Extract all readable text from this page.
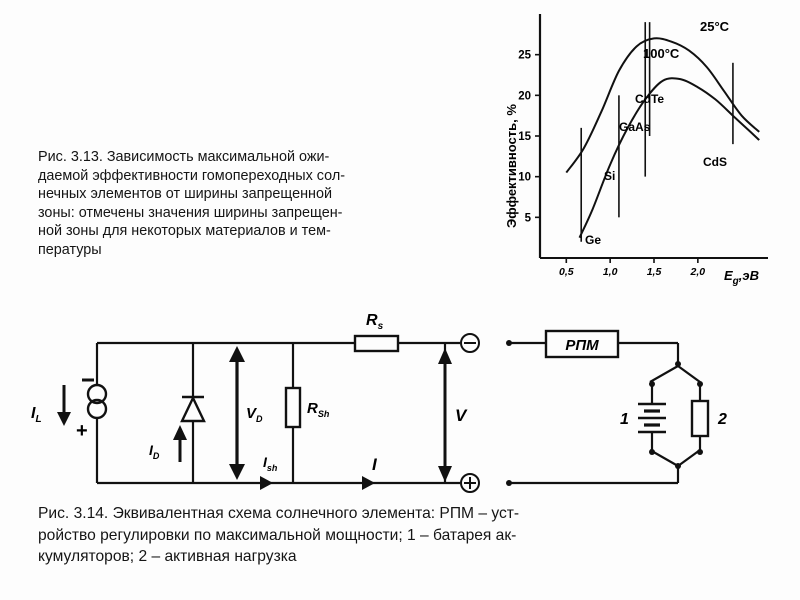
5
10
15
20
25
0,5	1,0	1,5	2,0
25°C
100°C
Ge
Si
GaAs
CdTe
CdS
Эффективность, %
$E_g,эВ$
Рис. 3.13. Зависимость максимальной ожи-
даемой эффективности гомопереходных сол-
нечных элементов от ширины запрещенной
зоны: отмечены значения ширины запрещен-
ной зоны для некоторых материалов и тем-
пературы
+
$I_L$
$I_D$
$V_D$
$R_{Sh}$
$R_s$
V
$I_{sh}$	I
РПМ
1	2
Рис. 3.14. Эквивалентная схема солнечного элемента: РПМ – уст-
ройство регулировки по максимальной мощности; 1 – батарея ак-
кумуляторов; 2 – активная нагрузка
